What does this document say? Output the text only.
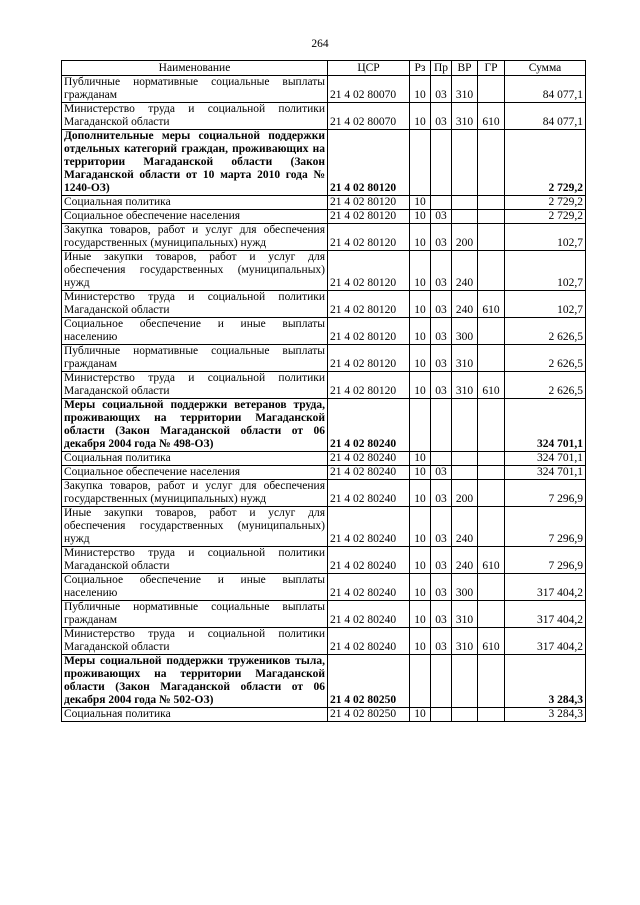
264
Наименование	ЦСР	Рз	Пр	ВР	ГР	Сумма
Публичные нормативные социальные выплаты гражданам	21 4 02 80070	10	03	310		84 077,1
Министерство труда и социальной политики Магаданской области	21 4 02 80070	10	03	310	610	84 077,1
Дополнительные меры социальной поддержки отдельных категорий граждан, проживающих на территории Магаданской области (Закон Магаданской области от 10 марта 2010 года № 1240-ОЗ)	21 4 02 80120					2 729,2
Социальная политика	21 4 02 80120	10				2 729,2
Социальное обеспечение населения	21 4 02 80120	10	03			2 729,2
Закупка товаров, работ и услуг для обеспечения государственных (муниципальных) нужд	21 4 02 80120	10	03	200		102,7
Иные закупки товаров, работ и услуг для обеспечения государственных (муниципальных) нужд	21 4 02 80120	10	03	240		102,7
Министерство труда и социальной политики Магаданской области	21 4 02 80120	10	03	240	610	102,7
Социальное обеспечение и иные выплаты населению	21 4 02 80120	10	03	300		2 626,5
Публичные нормативные социальные выплаты гражданам	21 4 02 80120	10	03	310		2 626,5
Министерство труда и социальной политики Магаданской области	21 4 02 80120	10	03	310	610	2 626,5
Меры социальной поддержки ветеранов труда, проживающих на территории Магаданской области (Закон Магаданской области от 06 декабря 2004 года № 498-ОЗ)	21 4 02 80240					324 701,1
Социальная политика	21 4 02 80240	10				324 701,1
Социальное обеспечение населения	21 4 02 80240	10	03			324 701,1
Закупка товаров, работ и услуг для обеспечения государственных (муниципальных) нужд	21 4 02 80240	10	03	200		7 296,9
Иные закупки товаров, работ и услуг для обеспечения государственных (муниципальных) нужд	21 4 02 80240	10	03	240		7 296,9
Министерство труда и социальной политики Магаданской области	21 4 02 80240	10	03	240	610	7 296,9
Социальное обеспечение и иные выплаты населению	21 4 02 80240	10	03	300		317 404,2
Публичные нормативные социальные выплаты гражданам	21 4 02 80240	10	03	310		317 404,2
Министерство труда и социальной политики Магаданской области	21 4 02 80240	10	03	310	610	317 404,2
Меры социальной поддержки тружеников тыла, проживающих на территории Магаданской области (Закон Магаданской области от 06 декабря 2004 года № 502-ОЗ)	21 4 02 80250					3 284,3
Социальная политика	21 4 02 80250	10				3 284,3
